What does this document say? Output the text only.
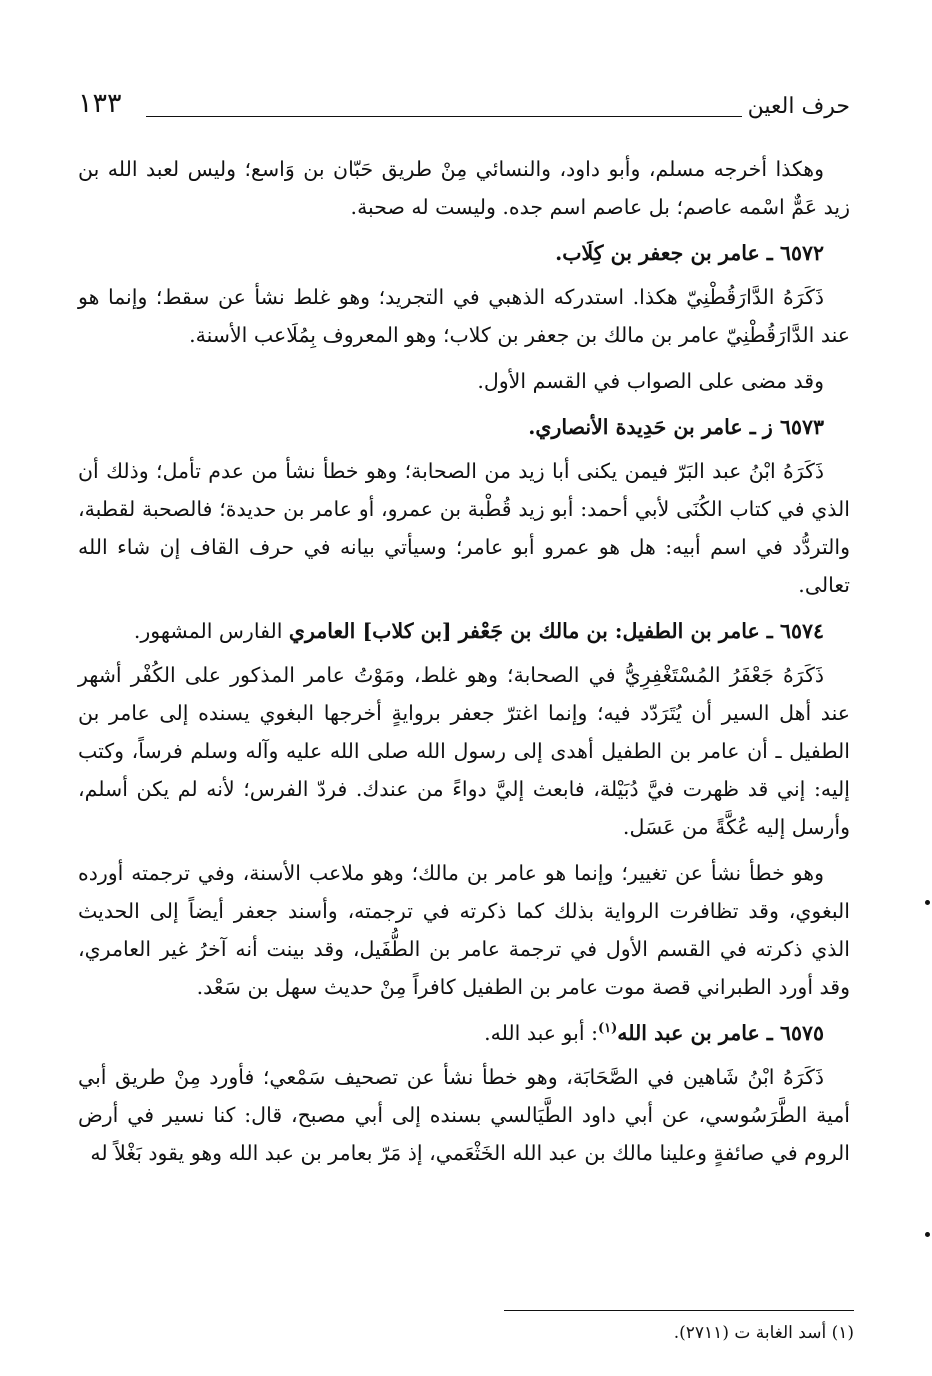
١٣٣	حرف العين

وهكذا أخرجه مسلم، وأبو داود، والنسائي مِنْ طريق حَبّان بن وَاسع؛ وليس لعبد الله بن زيد عَمٌّ اسْمه عاصم؛ بل عاصم اسم جده. وليست له صحبة.

٦٥٧٢ ـ عامر بن جعفر بن كِلَاب.

ذَكَرَهُ الدَّارَقُطْنِيّ هكذا. استدركه الذهبي في التجريد؛ وهو غلط نشأ عن سقط؛ وإنما هو عند الدَّارَقُطْنِيّ عامر بن مالك بن جعفر بن كلاب؛ وهو المعروف بِمُلَاعب الأسنة.

وقد مضى على الصواب في القسم الأول.

٦٥٧٣ ز ـ عامر بن حَدِيدة الأنصاري.

ذَكَرَهُ ابْنُ عبد البَرّ فيمن يكنى أبا زيد من الصحابة؛ وهو خطأ نشأ من عدم تأمل؛ وذلك أن الذي في كتاب الكُنَى لأبي أحمد: أبو زيد قُطْبة بن عمرو، أو عامر بن حديدة؛ فالصحبة لقطبة، والتردُّد في اسم أبيه: هل هو عمرو أبو عامر؛ وسيأتي بيانه في حرف القاف إن شاء الله تعالى.

٦٥٧٤ ـ عامر بن الطفيل: بن مالك بن جَعْفر [بن كلاب] العامري الفارس المشهور.

ذَكَرَهُ جَعْفَرُ المُسْتَغْفِرِيُّ في الصحابة؛ وهو غلط، ومَوْتُ عامر المذكور على الكُفْر أشهر عند أهل السير أن يُتَرَدّد فيه؛ وإنما اغترّ جعفر بروايةٍ أخرجها البغوي يسنده إلى عامر بن الطفيل ـ أن عامر بن الطفيل أهدى إلى رسول الله صلى الله عليه وآله وسلم فرساً، وكتب إليه: إني قد ظهرت فيَّ دُبَيْلة، فابعث إليَّ دواءً من عندك. فردّ الفرس؛ لأنه لم يكن أسلم، وأرسل إليه عُكَّةً من عَسَل.

وهو خطأ نشأ عن تغيير؛ وإنما هو عامر بن مالك؛ وهو ملاعب الأسنة، وفي ترجمته أورده البغوي، وقد تظافرت الرواية بذلك كما ذكرته في ترجمته، وأسند جعفر أيضاً إلى الحديث الذي ذكرته في القسم الأول في ترجمة عامر بن الطُّفَيل، وقد بينت أنه آخرُ غير العامري، وقد أورد الطبراني قصة موت عامر بن الطفيل كافراً مِنْ حديث سهل بن سَعْد.

٦٥٧٥ ـ عامر بن عبد الله$^{(١)}$: أبو عبد الله.

ذَكَرَهُ ابْنُ شَاهين في الصَّحَابَة، وهو خطأ نشأ عن تصحيف سَمْعي؛ فأورد مِنْ طريق أبي أمية الطَّرَسُوسي، عن أبي داود الطَّيَالسي بسنده إلى أبي مصبح، قال: كنا نسير في أرض الروم في صائفةٍ وعلينا مالك بن عبد الله الخَثْعَمي، إذ مَرّ بعامر بن عبد الله وهو يقود بَغْلاً له

(١) أسد الغابة ت (٢٧١١).
